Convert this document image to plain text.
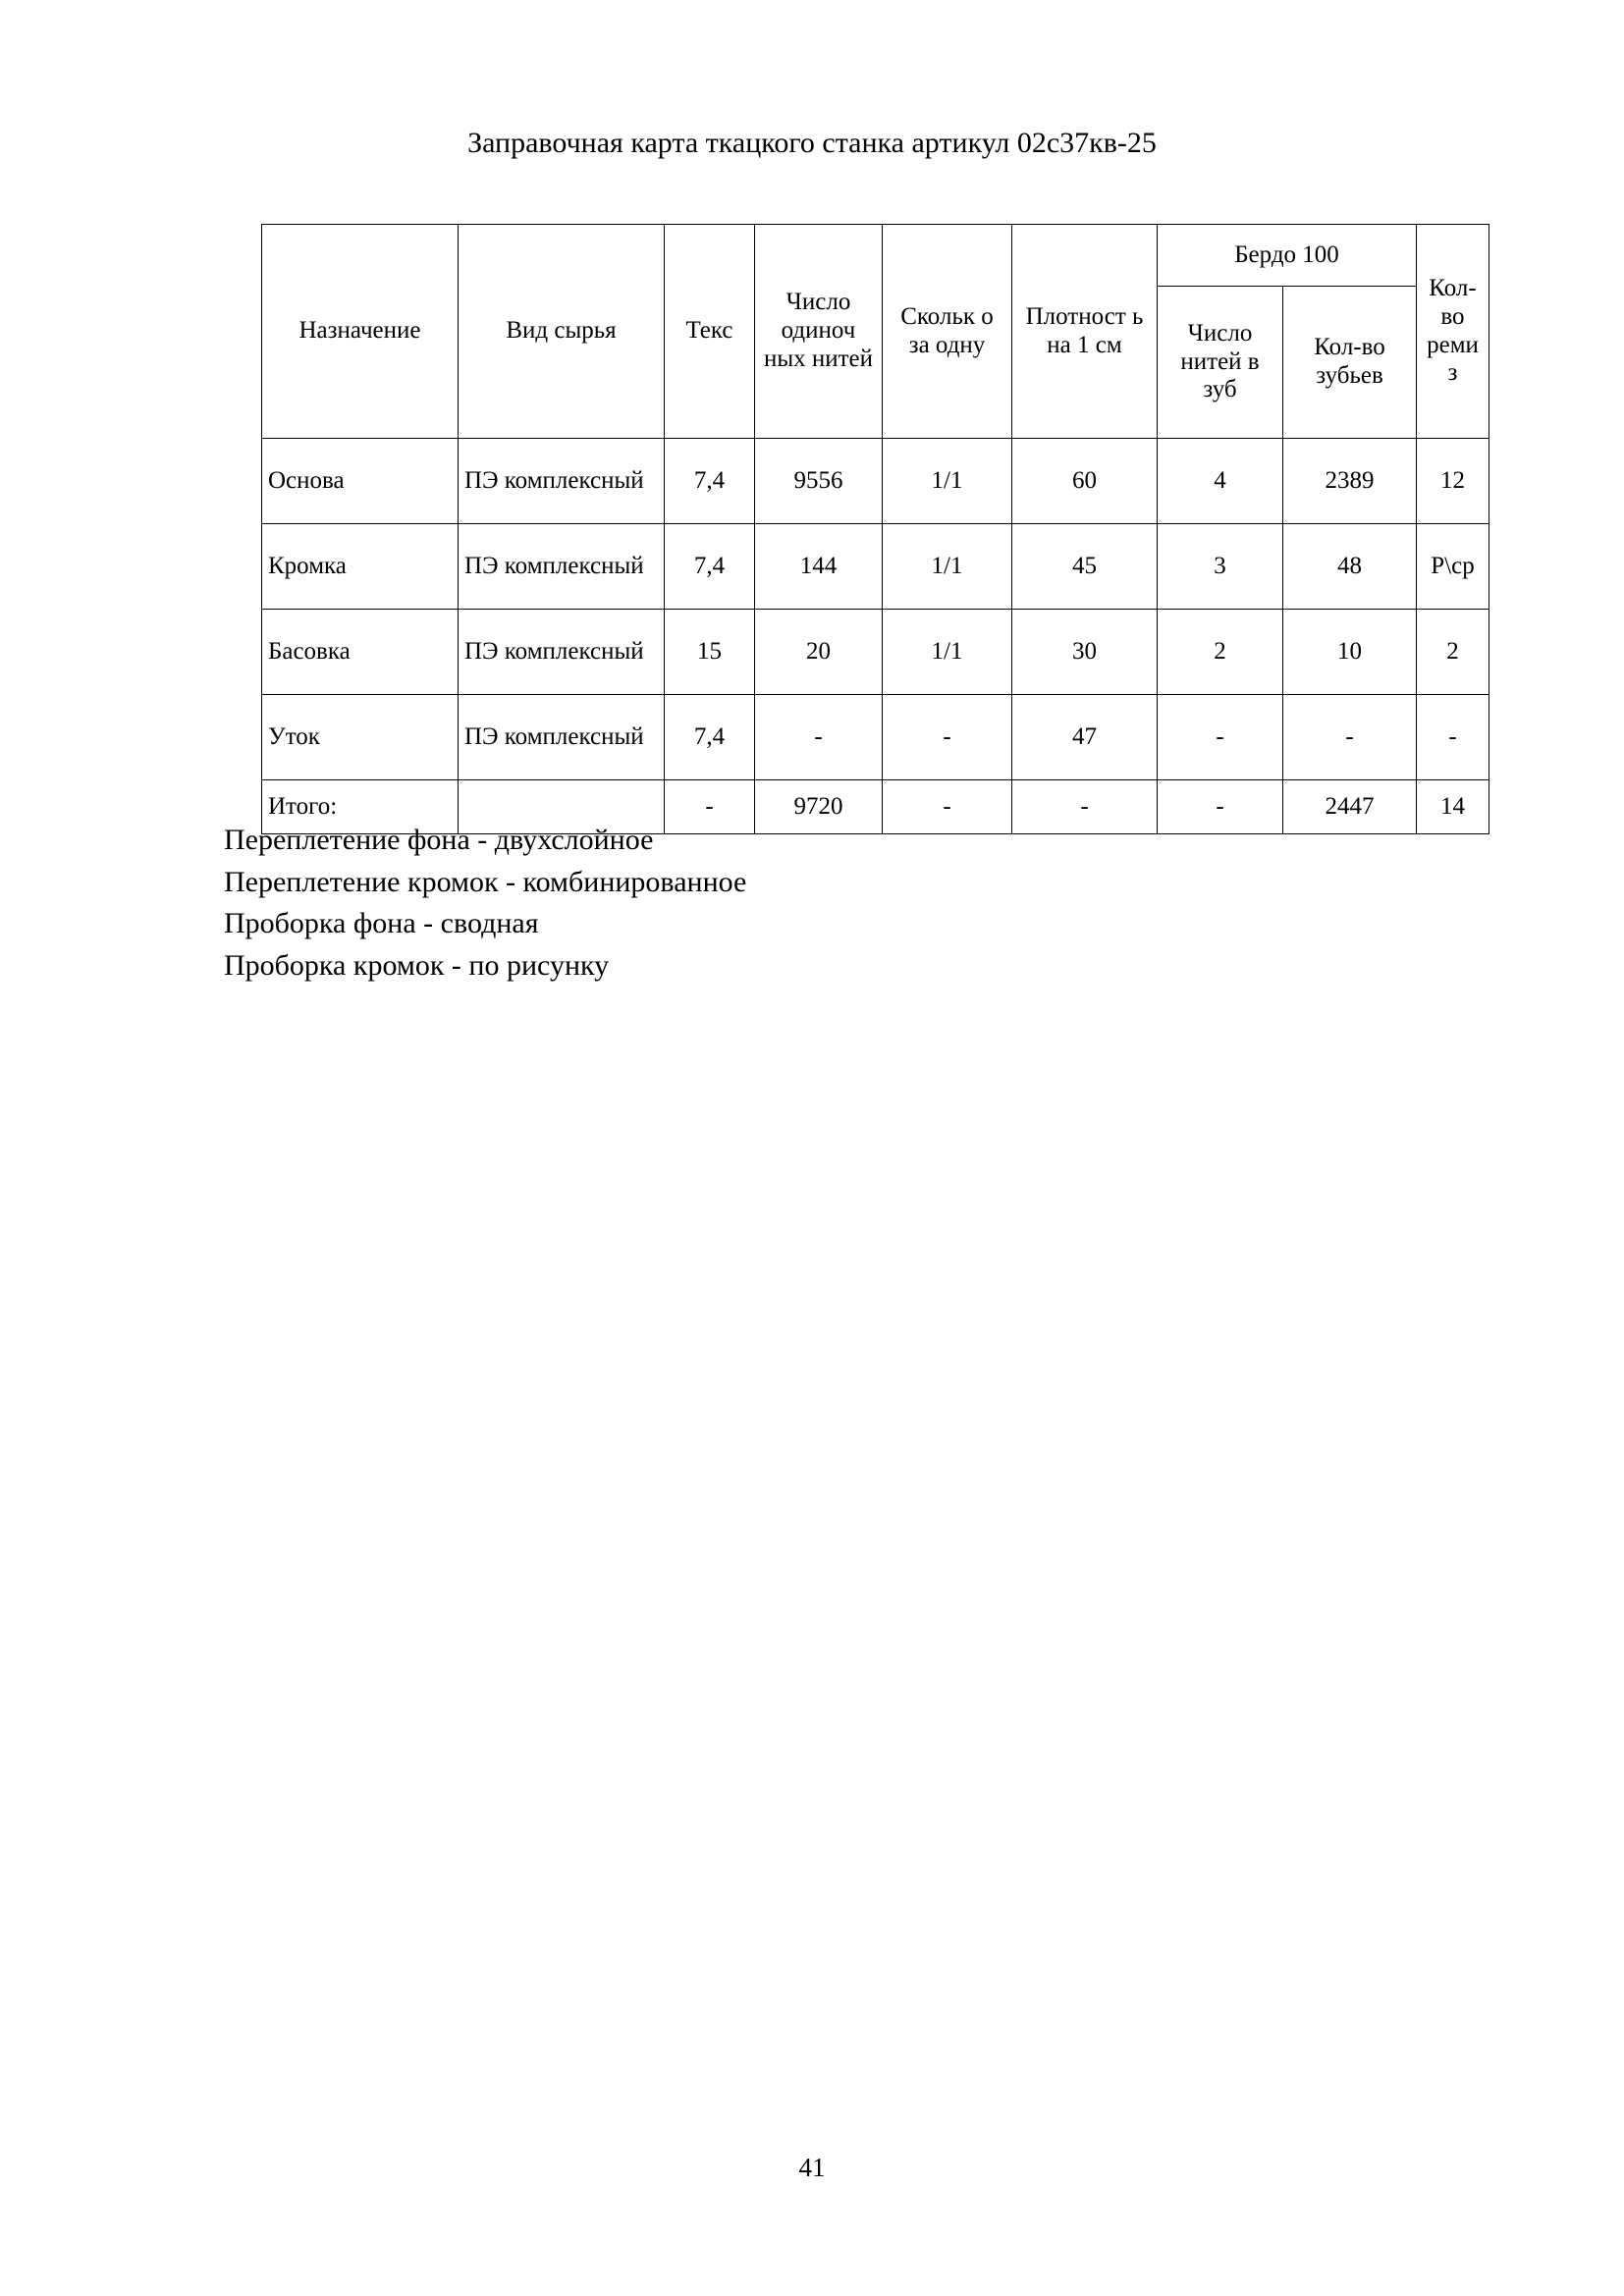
Заправочная карта ткацкого станка артикул 02с37кв-25
Назначение	Вид сырья	Текс	Число одиноч ных нитей	Скольк о за одну	Плотност ь на 1 см	Бердо 100		Кол-во реми з
						Число нитей в зуб	Кол-во зубьев	
Основа	ПЭ комплексный	7,4	9556	1/1	60	4	2389	12
Кромка	ПЭ комплексный	7,4	144	1/1	45	3	48	Р\ср
Басовка	ПЭ комплексный	15	20	1/1	30	2	10	2
Уток	ПЭ комплексный	7,4	-	-	47	-	-	-
Итого:		-	9720	-	-	-	2447	14
Переплетение фона - двухслойное
Переплетение кромок - комбинированное
Проборка фона - сводная
Проборка кромок - по рисунку
41
